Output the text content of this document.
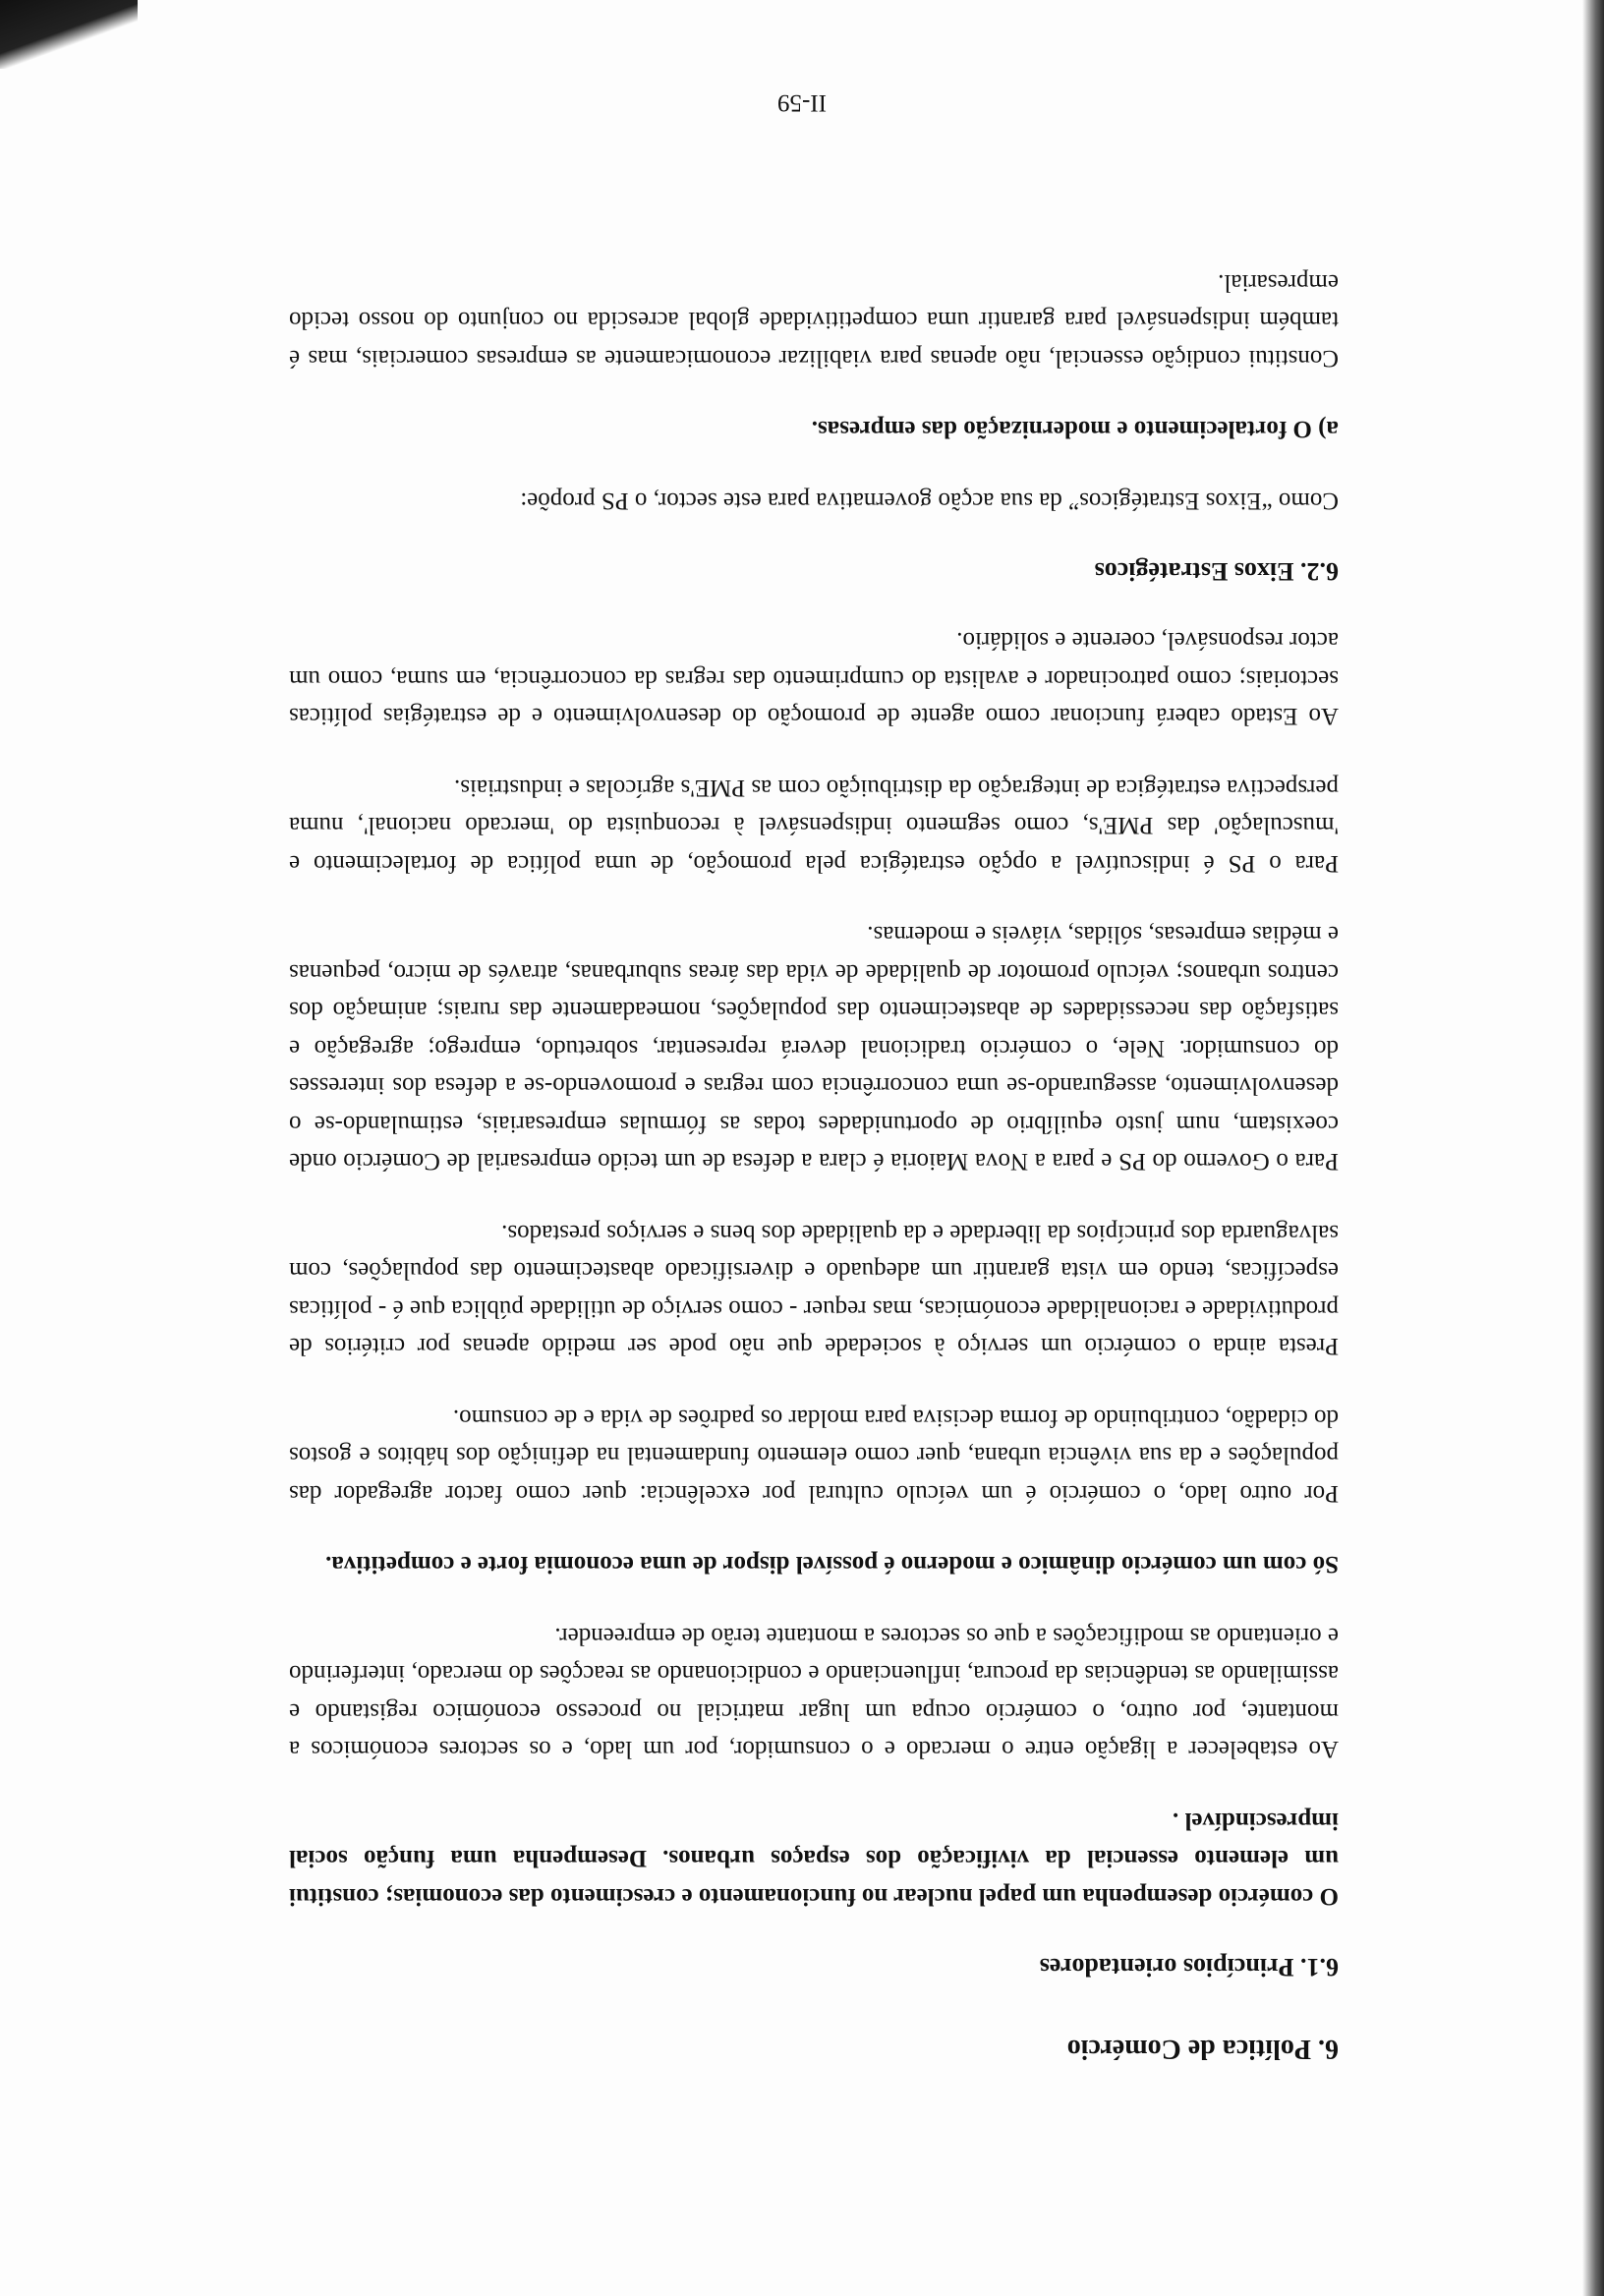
6. Política de Comércio
6.1. Princípios orientadores

O comércio desempenha um papel nuclear no funcionamento e crescimento das economias; constitui um elemento essencial da vivificação dos espaços urbanos. Desempenha uma função social imprescindível .

Ao estabelecer a ligação entre o mercado e o consumidor, por um lado, e os sectores económicos a montante, por outro, o comércio ocupa um lugar matricial no processo económico registando e assimilando as tendências da procura, influenciando e condicionando as reacções do mercado, interferindo e orientando as modificações a que os sectores a montante terão de empreender.

Só com um comércio dinâmico e moderno é possível dispor de uma economia forte e competitiva.

Por outro lado, o comércio é um veículo cultural por excelência: quer como factor agregador das populações e da sua vivência urbana, quer como elemento fundamental na definição dos hábitos e gostos do cidadão, contribuindo de forma decisiva para moldar os padrões de vida e de consumo.

Presta ainda o comércio um serviço à sociedade que não pode ser medido apenas por critérios de produtividade e racionalidade económicas, mas requer - como serviço de utilidade pública que é - políticas específicas, tendo em vista garantir um adequado e diversificado abastecimento das populações, com salvaguarda dos princípios da liberdade e da qualidade dos bens e serviços prestados.

Para o Governo do PS e para a Nova Maioria é clara a defesa de um tecido empresarial de Comércio onde coexistam, num justo equilíbrio de oportunidades todas as fórmulas empresariais, estimulando-se o desenvolvimento, assegurando-se uma concorrência com regras e promovendo-se a defesa dos interesses do consumidor. Nele, o comércio tradicional deverá representar, sobretudo, emprego; agregação e satisfação das necessidades de abastecimento das populações, nomeadamente das rurais; animação dos centros urbanos; veículo promotor de qualidade de vida das áreas suburbanas, através de micro, pequenas e médias empresas, sólidas, viáveis e modernas.

Para o PS é indiscutível a opção estratégica pela promoção, de uma política de fortalecimento e 'musculação' das PME's, como segmento indispensável à reconquista do 'mercado nacional', numa perspectiva estratégica de integração da distribuição com as PME's agrícolas e industriais.

Ao Estado caberá funcionar como agente de promoção do desenvolvimento e de estratégias políticas sectoriais; como patrocinador e avalista do cumprimento das regras da concorrência, em suma, como um actor responsável, coerente e solidário.

6.2. Eixos Estratégicos

Como “Eixos Estratégicos” da sua acção governativa para este sector, o PS propõe:

a) O fortalecimento e modernização das empresas.

Constitui condição essencial, não apenas para viabilizar economicamente as empresas comerciais, mas é também indispensável para garantir uma competitividade global acrescida no conjunto do nosso tecido empresarial.

II-59
